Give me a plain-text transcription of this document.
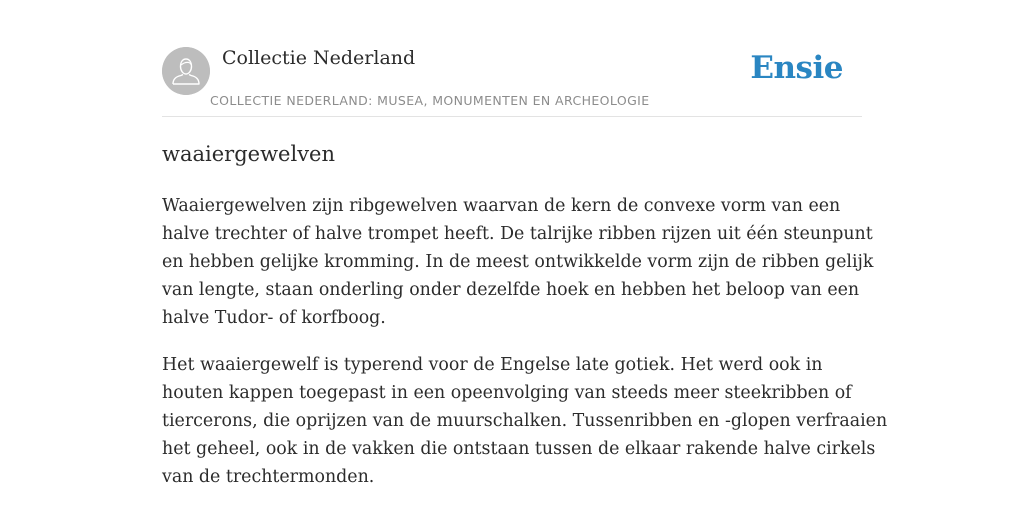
Collectie Nederland
COLLECTIE NEDERLAND: MUSEA, MONUMENTEN EN ARCHEOLOGIE
Ensie
waaiergewelven

Waaiergewelven zijn ribgewelven waarvan de kern de convexe vorm van een
halve trechter of halve trompet heeft. De talrijke ribben rijzen uit één steunpunt
en hebben gelijke kromming. In de meest ontwikkelde vorm zijn de ribben gelijk
van lengte, staan onderling onder dezelfde hoek en hebben het beloop van een
halve Tudor- of korfboog.

Het waaiergewelf is typerend voor de Engelse late gotiek. Het werd ook in
houten kappen toegepast in een opeenvolging van steeds meer steekribben of
tiercerons, die oprijzen van de muurschalken. Tussenribben en -glopen verfraaien
het geheel, ook in de vakken die ontstaan tussen de elkaar rakende halve cirkels
van de trechtermonden.
